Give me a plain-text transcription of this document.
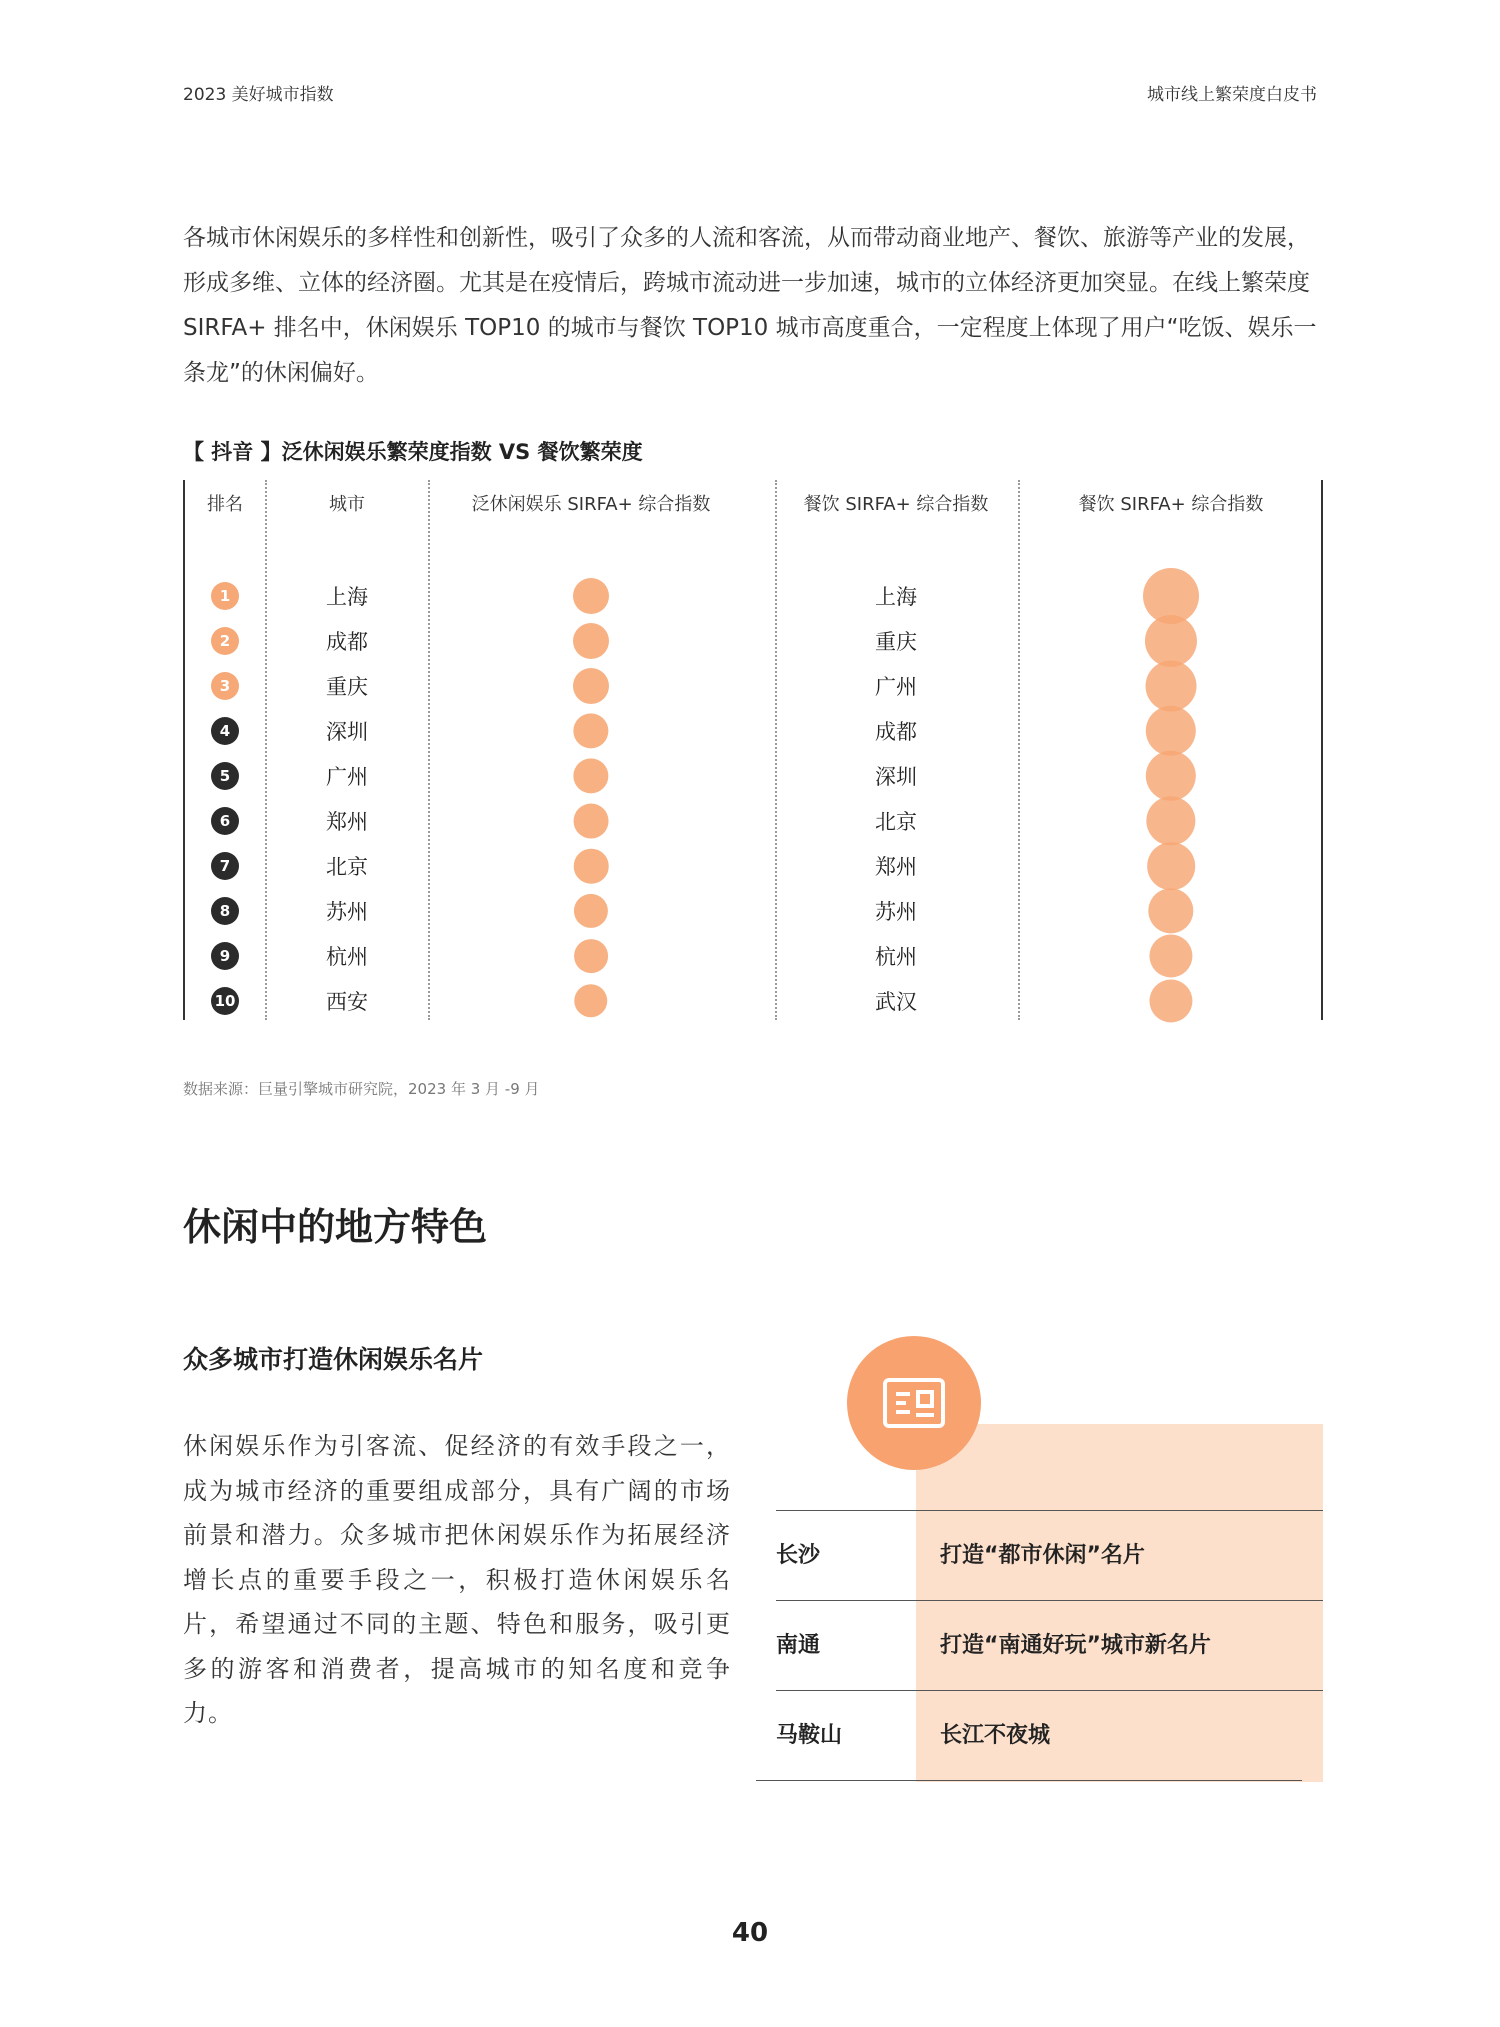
2023 美好城市指数	城市线上繁荣度白皮书

各城市休闲娱乐的多样性和创新性，吸引了众多的人流和客流，从而带动商业地产、餐饮、旅游等产业的发展，形成多维、立体的经济圈。尤其是在疫情后，跨城市流动进一步加速，城市的立体经济更加突显。在线上繁荣度 SIRFA+ 排名中，休闲娱乐 TOP10 的城市与餐饮 TOP10 城市高度重合，一定程度上体现了用户“吃饭、娱乐一条龙”的休闲偏好。

【 抖音 】泛休闲娱乐繁荣度指数 VS 餐饮繁荣度
排名	城市	泛休闲娱乐 SIRFA+ 综合指数	餐饮 SIRFA+ 综合指数	餐饮 SIRFA+ 综合指数
1	上海	上海
2	成都	重庆
3	重庆	广州
4	深圳	成都
5	广州	深圳
6	郑州	北京
7	北京	郑州
8	苏州	苏州
9	杭州	杭州
10	西安	武汉
数据来源：巨量引擎城市研究院，2023 年 3 月 -9 月
休闲中的地方特色
众多城市打造休闲娱乐名片

休闲娱乐作为引客流、促经济的有效手段之一，成为城市经济的重要组成部分，具有广阔的市场前景和潜力。众多城市把休闲娱乐作为拓展经济增长点的重要手段之一，积极打造休闲娱乐名片，希望通过不同的主题、特色和服务，吸引更多的游客和消费者，提高城市的知名度和竞争力。

长沙	打造“都市休闲”名片
南通	打造“南通好玩”城市新名片
马鞍山	长江不夜城
40
